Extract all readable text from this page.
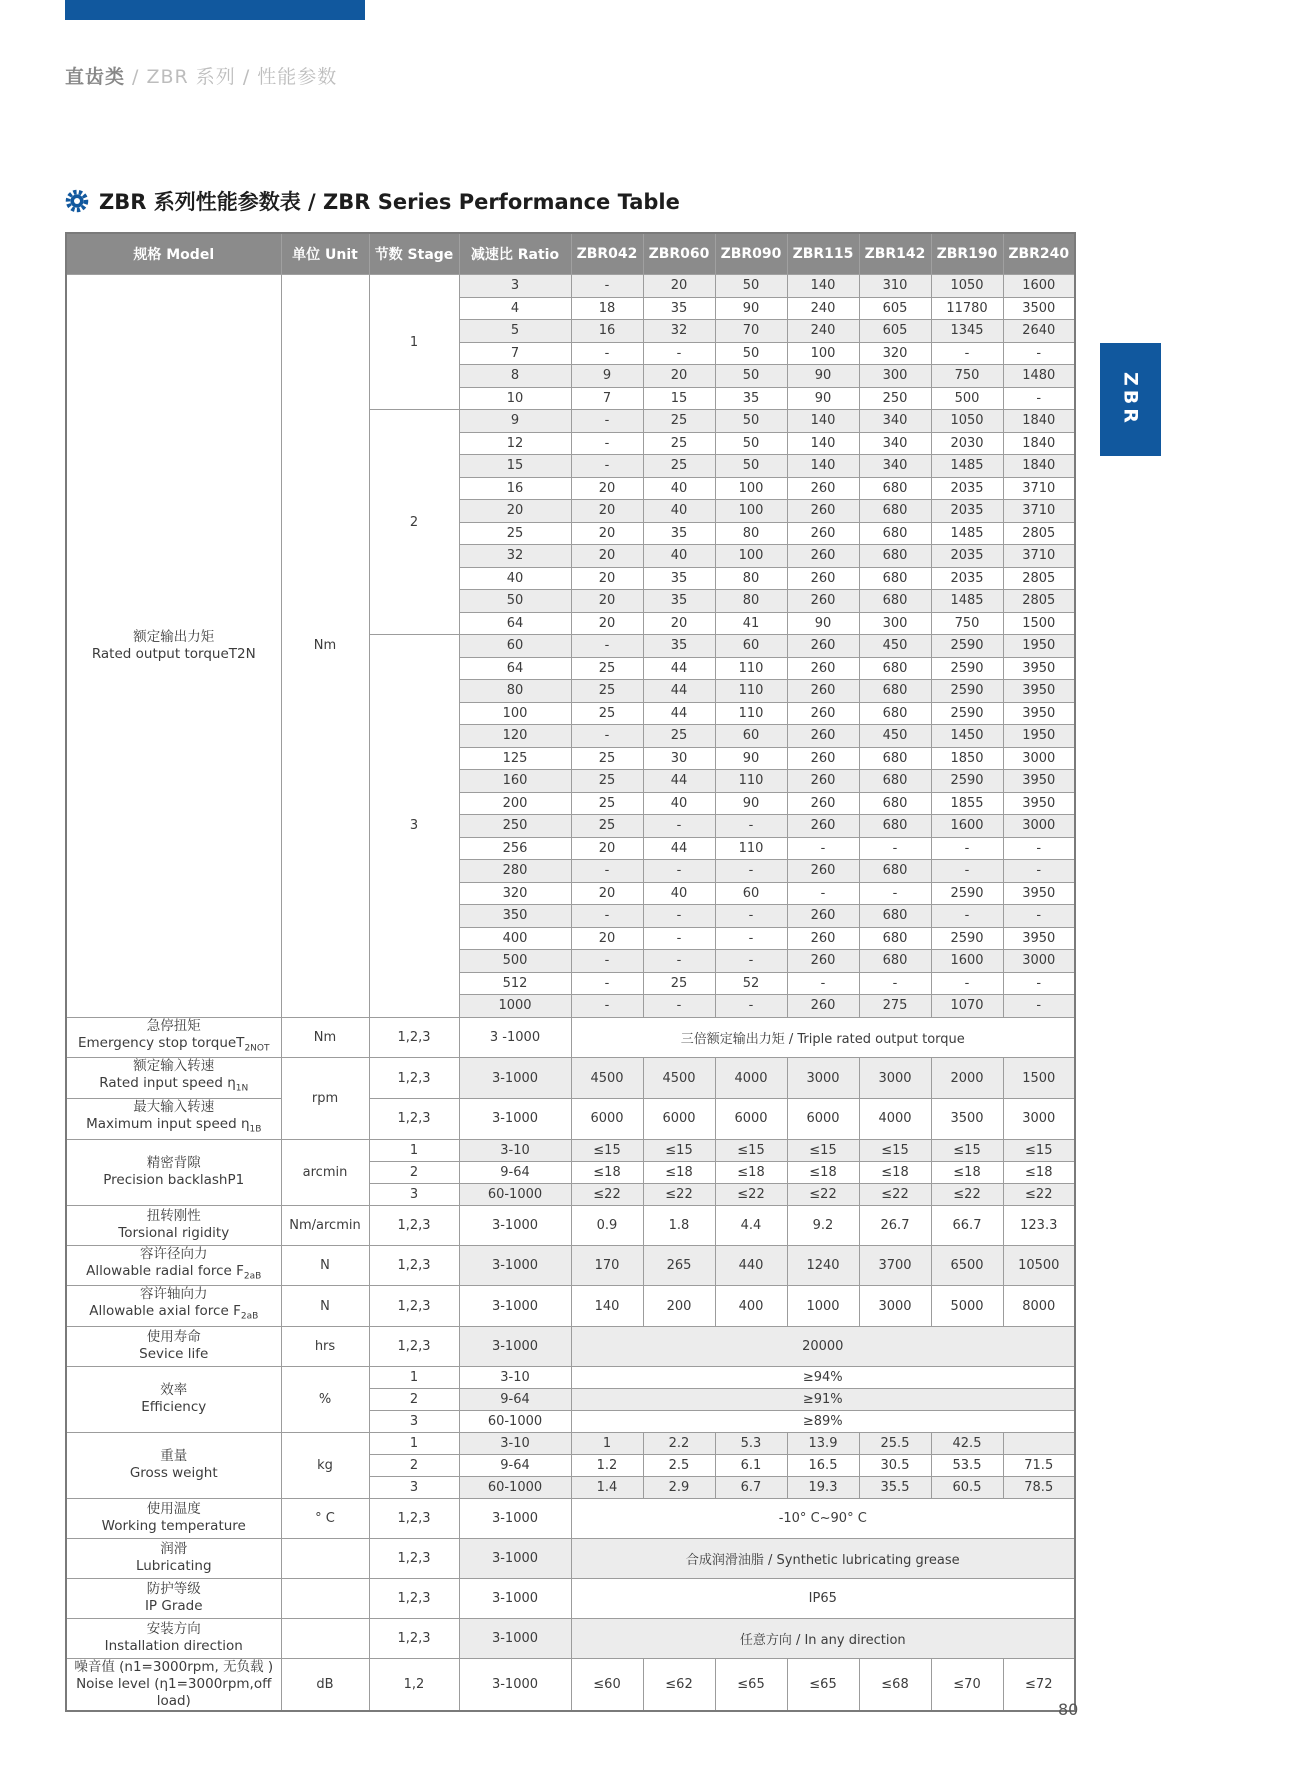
直齿类 / ZBR 系列 / 性能参数
ZBR 系列性能参数表 / ZBR Series Performance Table
规格 Model	单位 Unit	节数 Stage	减速比 Ratio	ZBR042	ZBR060	ZBR090	ZBR115	ZBR142	ZBR190	ZBR240

额定输出力矩
Rated output torqueT2N	Nm	1	3	-	20	50	140	310	1050	1600
			4	18	35	90	240	605	11780	3500
			5	16	32	70	240	605	1345	2640
			7	-	-	50	100	320	-	-
			8	9	20	50	90	300	750	1480
			10	7	15	35	90	250	500	-
		2	9	-	25	50	140	340	1050	1840
			12	-	25	50	140	340	2030	1840
			15	-	25	50	140	340	1485	1840
			16	20	40	100	260	680	2035	3710
			20	20	40	100	260	680	2035	3710
			25	20	35	80	260	680	1485	2805
			32	20	40	100	260	680	2035	3710
			40	20	35	80	260	680	2035	2805
			50	20	35	80	260	680	1485	2805
			64	20	20	41	90	300	750	1500
		3	60	-	35	60	260	450	2590	1950
			64	25	44	110	260	680	2590	3950
			80	25	44	110	260	680	2590	3950
			100	25	44	110	260	680	2590	3950
			120	-	25	60	260	450	1450	1950
			125	25	30	90	260	680	1850	3000
			160	25	44	110	260	680	2590	3950
			200	25	40	90	260	680	1855	3950
			250	25	-	-	260	680	1600	3000
			256	20	44	110	-	-	-	-
			280	-	-	-	260	680	-	-
			320	20	40	60	-	-	2590	3950
			350	-	-	-	260	680	-	-
			400	20	-	-	260	680	2590	3950
			500	-	-	-	260	680	1600	3000
			512	-	25	52	-	-	-	-
			1000	-	-	-	260	275	1070	-

急停扭矩
Emergency stop torqueT$_{2NOT}$	Nm	1,2,3	3 -1000	三倍额定输出力矩 / Triple rated output torque						

额定输入转速
Rated input speed $\eta_{1N}$	rpm	1,2,3	3-1000	4500	4500	4000	3000	3000	2000	1500

最大输入转速
Maximum input speed $\eta_{1B}$		1,2,3	3-1000	6000	6000	6000	6000	4000	3500	3000

精密背隙
Precision backlashP1	arcmin	1	3-10	≤15	≤15	≤15	≤15	≤15	≤15	≤15
		2	9-64	≤18	≤18	≤18	≤18	≤18	≤18	≤18
		3	60-1000	≤22	≤22	≤22	≤22	≤22	≤22	≤22

扭转刚性
Torsional rigidity	Nm/arcmin	1,2,3	3-1000	0.9	1.8	4.4	9.2	26.7	66.7	123.3

容许径向力
Allowable radial force $F_{2aB}$	N	1,2,3	3-1000	170	265	440	1240	3700	6500	10500

容许轴向力
Allowable axial force $F_{2aB}$	N	1,2,3	3-1000	140	200	400	1000	3000	5000	8000

使用寿命
Sevice life	hrs	1,2,3	3-1000	20000						

效率
Efficiency	%	1	3-10	≥94%						
		2	9-64	≥91%						
		3	60-1000	≥89%						

重量
Gross weight	kg	1	3-10	1	2.2	5.3	13.9	25.5	42.5	
		2	9-64	1.2	2.5	6.1	16.5	30.5	53.5	71.5
		3	60-1000	1.4	2.9	6.7	19.3	35.5	60.5	78.5

使用温度
Working temperature	° C	1,2,3	3-1000	-10° C~90° C						

润滑
Lubricating		1,2,3	3-1000	合成润滑油脂 / Synthetic lubricating grease						

防护等级
IP Grade		1,2,3	3-1000	IP65						

安装方向
Installation direction		1,2,3	3-1000	任意方向 / In any direction						

噪音值 (n1=3000rpm, 无负载 )
Noise level (η1=3000rpm,off load)	dB	1,2	3-1000	≤60	≤62	≤65	≤65	≤68	≤70	≤72
ZBR
80
